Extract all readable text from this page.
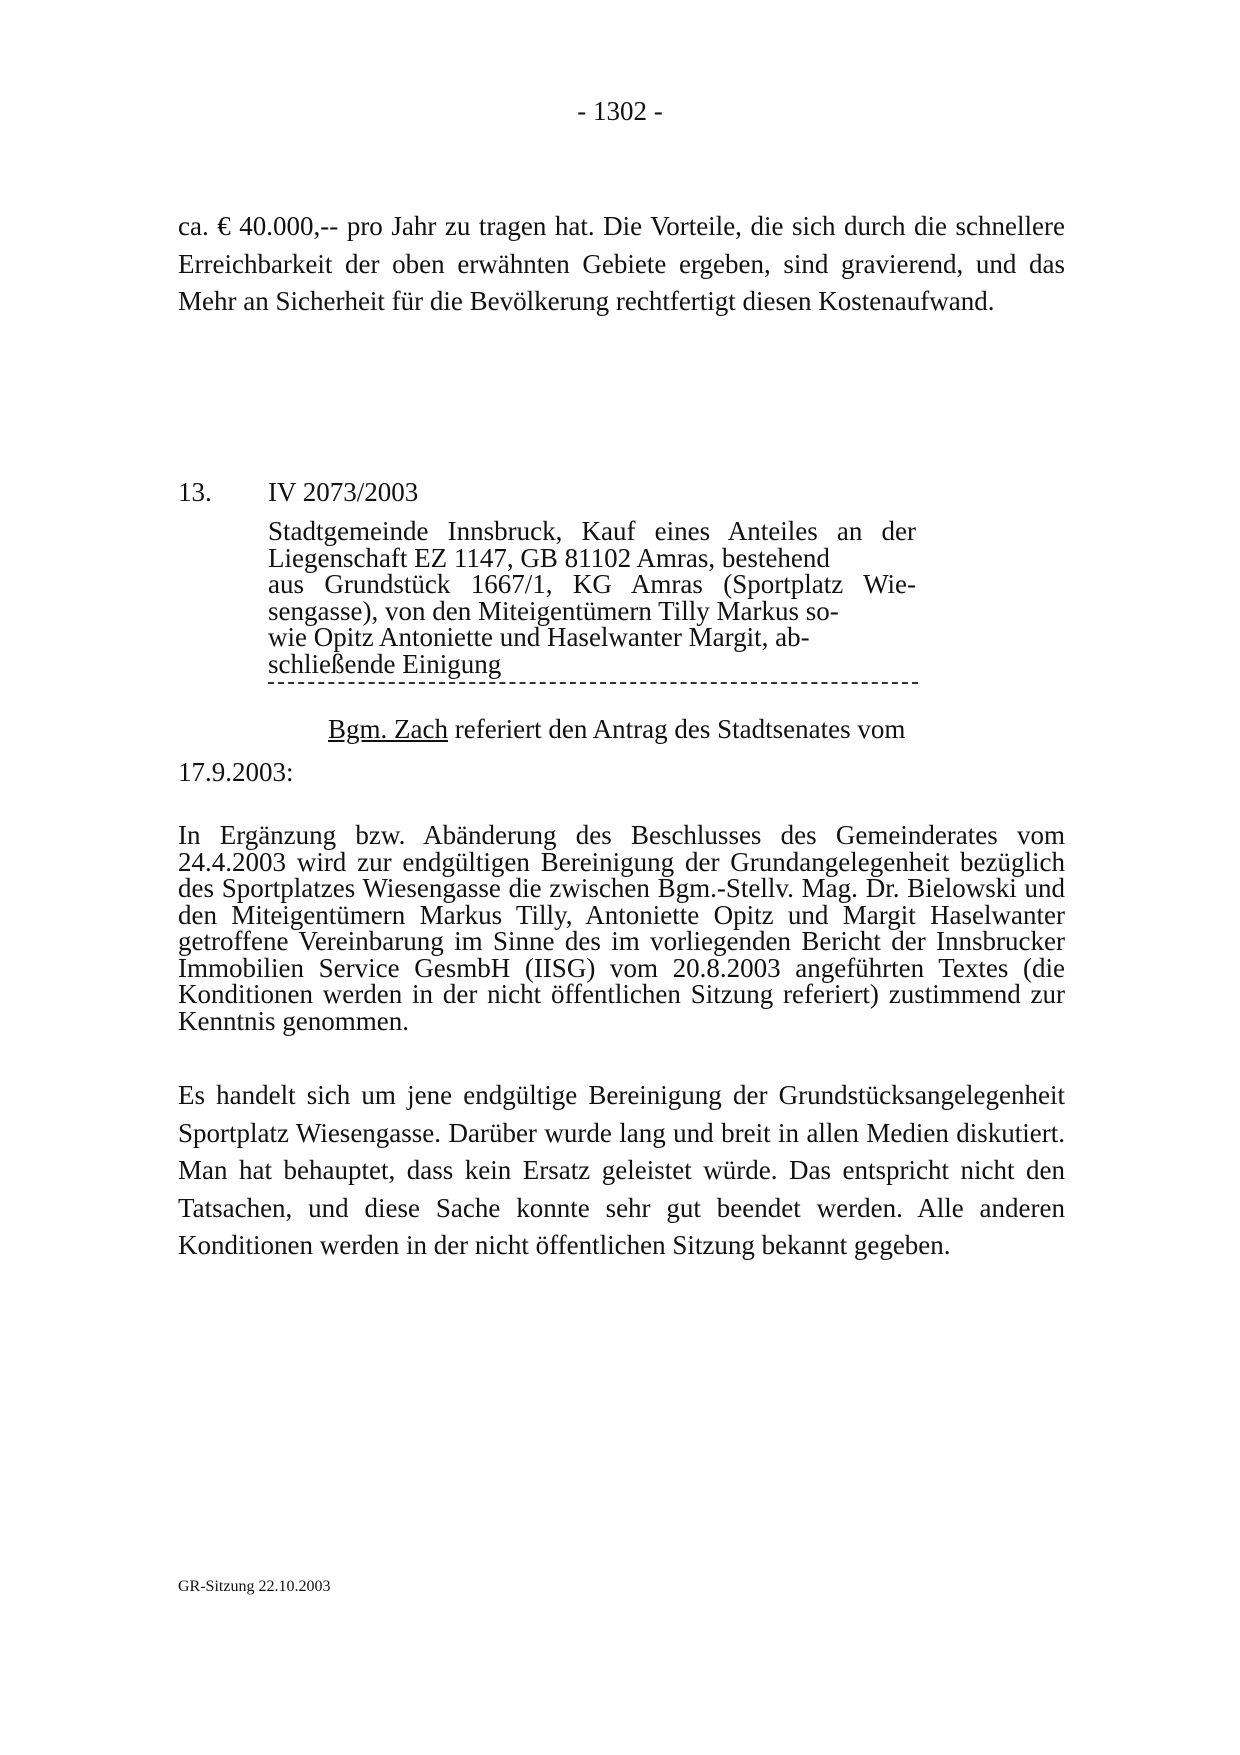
- 1302 -

ca. € 40.000,-- pro Jahr zu tragen hat. Die Vorteile, die sich durch die schnellere Erreichbarkeit der oben erwähnten Gebiete ergeben, sind gravierend, und das Mehr an Sicherheit für die Bevölkerung rechtfertigt diesen Kostenaufwand.

13. IV 2073/2003
Stadtgemeinde Innsbruck, Kauf eines Anteiles an der
Liegenschaft EZ 1147, GB 81102 Amras, bestehend
aus Grundstück 1667/1, KG Amras (Sportplatz Wie-
sengasse), von den Miteigentümern Tilly Markus so-
wie Opitz Antoniette und Haselwanter Margit, ab-
schließende Einigung
Bgm. Zach referiert den Antrag des Stadtsenates vom
17.9.2003:

In Ergänzung bzw. Abänderung des Beschlusses des Gemeinderates vom 24.4.2003 wird zur endgültigen Bereinigung der Grundangelegenheit bezüglich des Sportplatzes Wiesengasse die zwischen Bgm.-Stellv. Mag. Dr. Bielowski und den Miteigentümern Markus Tilly, Antoniette Opitz und Margit Haselwanter getroffene Vereinbarung im Sinne des im vorliegenden Bericht der Innsbrucker Immobilien Service GesmbH (IISG) vom 20.8.2003 angeführten Textes (die Konditionen werden in der nicht öffentlichen Sitzung referiert) zustimmend zur Kenntnis genommen.

Es handelt sich um jene endgültige Bereinigung der Grundstücksangelegenheit Sportplatz Wiesengasse. Darüber wurde lang und breit in allen Medien diskutiert. Man hat behauptet, dass kein Ersatz geleistet würde. Das entspricht nicht den Tatsachen, und diese Sache konnte sehr gut beendet werden. Alle anderen Konditionen werden in der nicht öffentlichen Sitzung bekannt gegeben.

GR-Sitzung 22.10.2003
